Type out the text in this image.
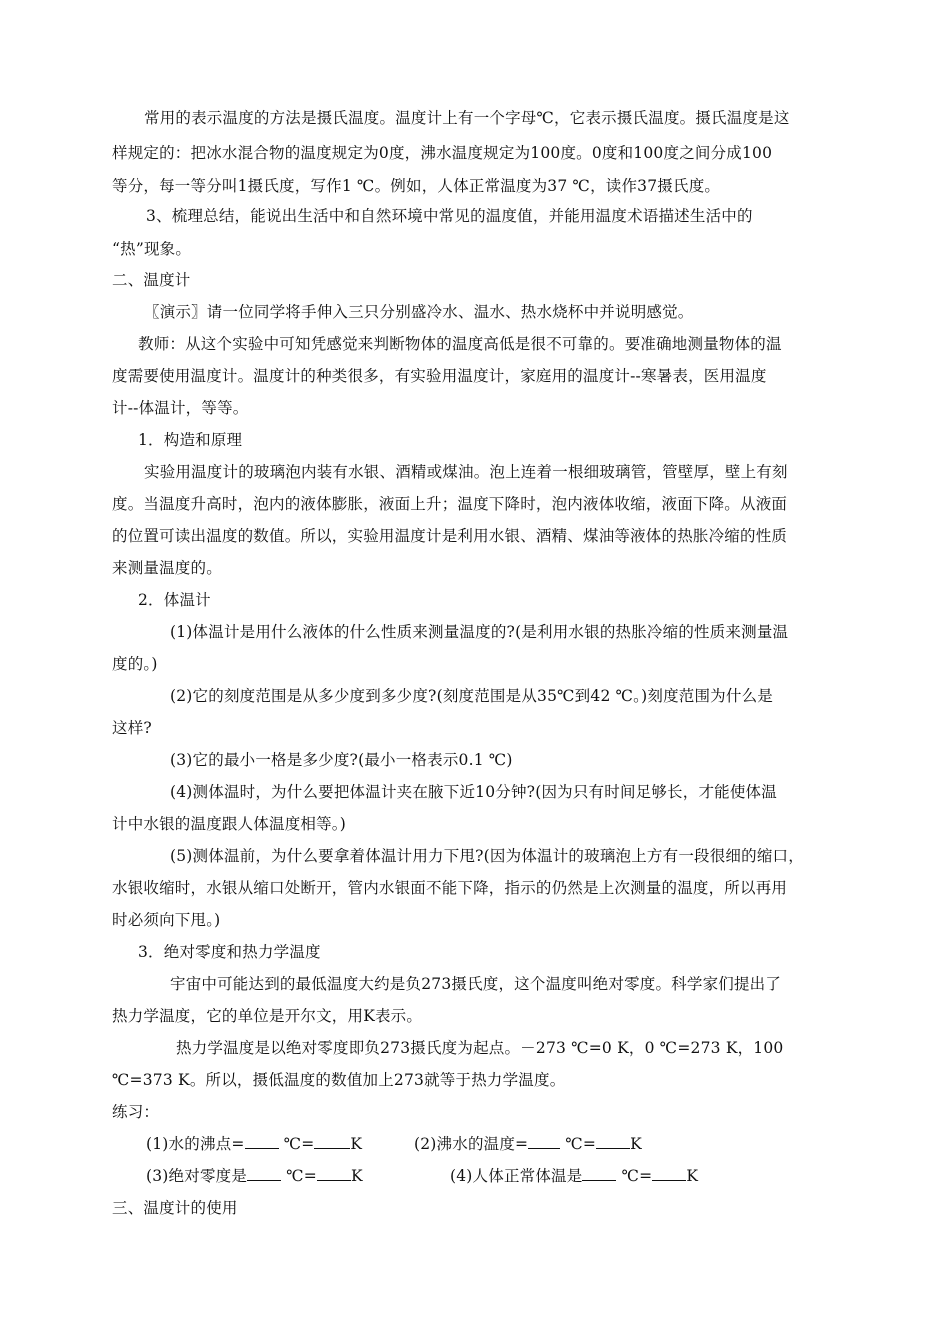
常用的表示温度的方法是摄氏温度。温度计上有一个字母℃，它表示摄氏温度。摄氏温度是这
样规定的：把冰水混合物的温度规定为0度，沸水温度规定为100度。0度和100度之间分成100
等分，每一等分叫1摄氏度，写作1 ℃。例如，人体正常温度为37 ℃，读作37摄氏度。
3、梳理总结，能说出生活中和自然环境中常见的温度值，并能用温度术语描述生活中的
“热”现象。
二、温度计
〖演示〗请一位同学将手伸入三只分别盛冷水、温水、热水烧杯中并说明感觉。
教师：从这个实验中可知凭感觉来判断物体的温度高低是很不可靠的。要准确地测量物体的温
度需要使用温度计。温度计的种类很多，有实验用温度计，家庭用的温度计--寒暑表，医用温度
计--体温计，等等。
1．构造和原理
实验用温度计的玻璃泡内装有水银、酒精或煤油。泡上连着一根细玻璃管，管壁厚，壁上有刻
度。当温度升高时，泡内的液体膨胀，液面上升；温度下降时，泡内液体收缩，液面下降。从液面
的位置可读出温度的数值。所以，实验用温度计是利用水银、酒精、煤油等液体的热胀冷缩的性质
来测量温度的。
2．体温计
(1)体温计是用什么液体的什么性质来测量温度的?(是利用水银的热胀冷缩的性质来测量温
度的。)
(2)它的刻度范围是从多少度到多少度?(刻度范围是从35℃到42 ℃。)刻度范围为什么是
这样?
(3)它的最小一格是多少度?(最小一格表示0.1 ℃)
(4)测体温时，为什么要把体温计夹在腋下近10分钟?(因为只有时间足够长，才能使体温
计中水银的温度跟人体温度相等。)
(5)测体温前，为什么要拿着体温计用力下甩?(因为体温计的玻璃泡上方有一段很细的缩口，
水银收缩时，水银从缩口处断开，管内水银面不能下降，指示的仍然是上次测量的温度，所以再用
时必须向下甩。)
3．绝对零度和热力学温度
宇宙中可能达到的最低温度大约是负273摄氏度，这个温度叫绝对零度。科学家们提出了
热力学温度，它的单位是开尔文，用K表示。
热力学温度是以绝对零度即负273摄氏度为起点。－273 ℃=0 K，0 ℃=273 K，100
℃=373 K。所以，摄低温度的数值加上273就等于热力学温度。
练习：
(1)水的沸点=	℃= K	(2)沸水的温度= ℃= K
(3)绝对零度是	℃= K	(4)人体正常体温是	℃= K
三、温度计的使用
